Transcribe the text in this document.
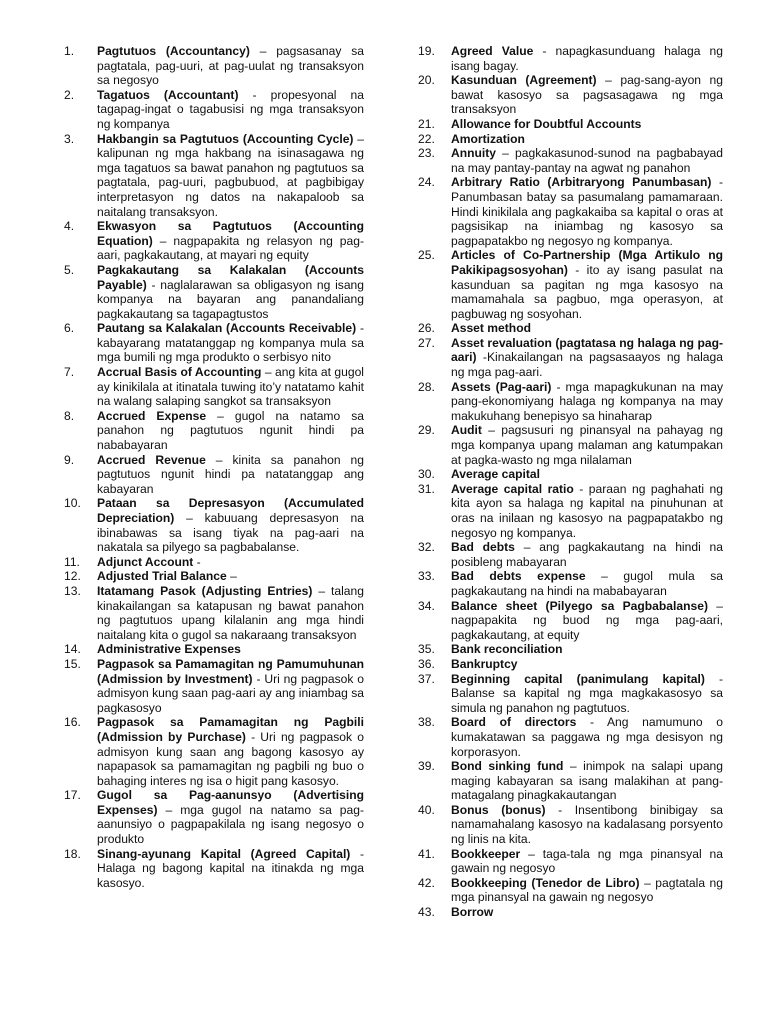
1.	Pagtutuos (Accountancy) – pagsasanay sa pagtatala, pag-uuri, at pag-uulat ng transaksyon sa negosyo
2.	Tagatuos (Accountant) - propesyonal na tagapag-ingat o tagabusisi ng mga transaksyon ng kompanya
3.	Hakbangin sa Pagtutuos (Accounting Cycle) – kalipunan ng mga hakbang na isinasagawa ng mga tagatuos sa bawat panahon ng pagtutuos sa pagtatala, pag-uuri, pagbubuod, at pagbibigay interpretasyon ng datos na nakapaloob sa naitalang transaksyon.
4.	Ekwasyon sa Pagtutuos (Accounting Equation) – nagpapakita ng relasyon ng pag-aari, pagkakautang, at mayari ng equity
5.	Pagkakautang sa Kalakalan (Accounts Payable) - naglalarawan sa obligasyon ng isang kompanya na bayaran ang panandaliang pagkakautang sa tagapagtustos
6.	Pautang sa Kalakalan (Accounts Receivable) - kabayarang matatanggap ng kompanya mula sa mga bumili ng mga produkto o serbisyo nito
7.	Accrual Basis of Accounting – ang kita at gugol ay kinikilala at itinatala tuwing ito’y natatamo kahit na walang salaping sangkot sa transaksyon
8.	Accrued Expense – gugol na natamo sa panahon ng pagtutuos ngunit hindi pa nababayaran
9.	Accrued Revenue – kinita sa panahon ng pagtutuos ngunit hindi pa natatanggap ang kabayaran
10.	Pataan sa Depresasyon (Accumulated Depreciation) – kabuuang depresasyon na ibinabawas sa isang tiyak na pag-aari na nakatala sa pilyego sa pagbabalanse.
11.	Adjunct Account -
12.	Adjusted Trial Balance –
13.	Itatamang Pasok (Adjusting Entries) – talang kinakailangan sa katapusan ng bawat panahon ng pagtutuos upang kilalanin ang mga hindi naitalang kita o gugol sa nakaraang transaksyon
14.	Administrative Expenses
15.	Pagpasok sa Pamamagitan ng Pamumuhunan (Admission by Investment) - Uri ng pagpasok o admisyon kung saan pag-aari ay ang iniambag sa pagkasosyo
16.	Pagpasok sa Pamamagitan ng Pagbili (Admission by Purchase) - Uri ng pagpasok o admisyon kung saan ang bagong kasosyo ay napapasok sa pamamagitan ng pagbili ng buo o bahaging interes ng isa o higit pang kasosyo.
17.	Gugol sa Pag-aanunsyo (Advertising Expenses) – mga gugol na natamo sa pag-aanunsiyo o pagpapakilala ng isang negosyo o produkto
18.	Sinang-ayunang Kapital (Agreed Capital) - Halaga ng bagong kapital na itinakda ng mga kasosyo.
19.	Agreed Value - napagkasunduang halaga ng isang bagay.
20.	Kasunduan (Agreement) – pag-sang-ayon ng bawat kasosyo sa pagsasagawa ng mga transaksyon
21.	Allowance for Doubtful Accounts
22.	Amortization
23.	Annuity – pagkakasunod-sunod na pagbabayad na may pantay-pantay na agwat ng panahon
24.	Arbitrary Ratio (Arbitraryong Panumbasan) - Panumbasan batay sa pasumalang pamamaraan. Hindi kinikilala ang pagkakaiba sa kapital o oras at pagsisikap na iniambag ng kasosyo sa pagpapatakbo ng negosyo ng kompanya.
25.	Articles of Co-Partnership (Mga Artikulo ng Pakikipagsosyohan) - ito ay isang pasulat na kasunduan sa pagitan ng mga kasosyo na mamamahala sa pagbuo, mga operasyon, at pagbuwag ng sosyohan.
26.	Asset method
27.	Asset revaluation (pagtatasa ng halaga ng pag-aari) -Kinakailangan na pagsasaayos ng halaga ng mga pag-aari.
28.	Assets (Pag-aari) - mga mapagkukunan na may pang-ekonomiyang halaga ng kompanya na may makukuhang benepisyo sa hinaharap
29.	Audit – pagsusuri ng pinansyal na pahayag ng mga kompanya upang malaman ang katumpakan at pagka-wasto ng mga nilalaman
30.	Average capital
31.	Average capital ratio - paraan ng paghahati ng kita ayon sa halaga ng kapital na pinuhunan at oras na inilaan ng kasosyo na pagpapatakbo ng negosyo ng kompanya.
32.	Bad debts – ang pagkakautang na hindi na posibleng mabayaran
33.	Bad debts expense – gugol mula sa pagkakautang na hindi na mababayaran
34.	Balance sheet (Pilyego sa Pagbabalanse) – nagpapakita ng buod ng mga pag-aari, pagkakautang, at equity
35.	Bank reconciliation
36.	Bankruptcy
37.	Beginning capital (panimulang kapital) - Balanse sa kapital ng mga magkakasosyo sa simula ng panahon ng pagtutuos.
38.	Board of directors - Ang namumuno o kumakatawan sa paggawa ng mga desisyon ng korporasyon.
39.	Bond sinking fund – inimpok na salapi upang maging kabayaran sa isang malakihan at pang-matagalang pinagkakautangan
40.	Bonus (bonus) - Insentibong binibigay sa namamahalang kasosyo na kadalasang porsyento ng linis na kita.
41.	Bookkeeper – taga-tala ng mga pinansyal na gawain ng negosyo
42.	Bookkeeping (Tenedor de Libro) – pagtatala ng mga pinansyal na gawain ng negosyo
43.	Borrow
